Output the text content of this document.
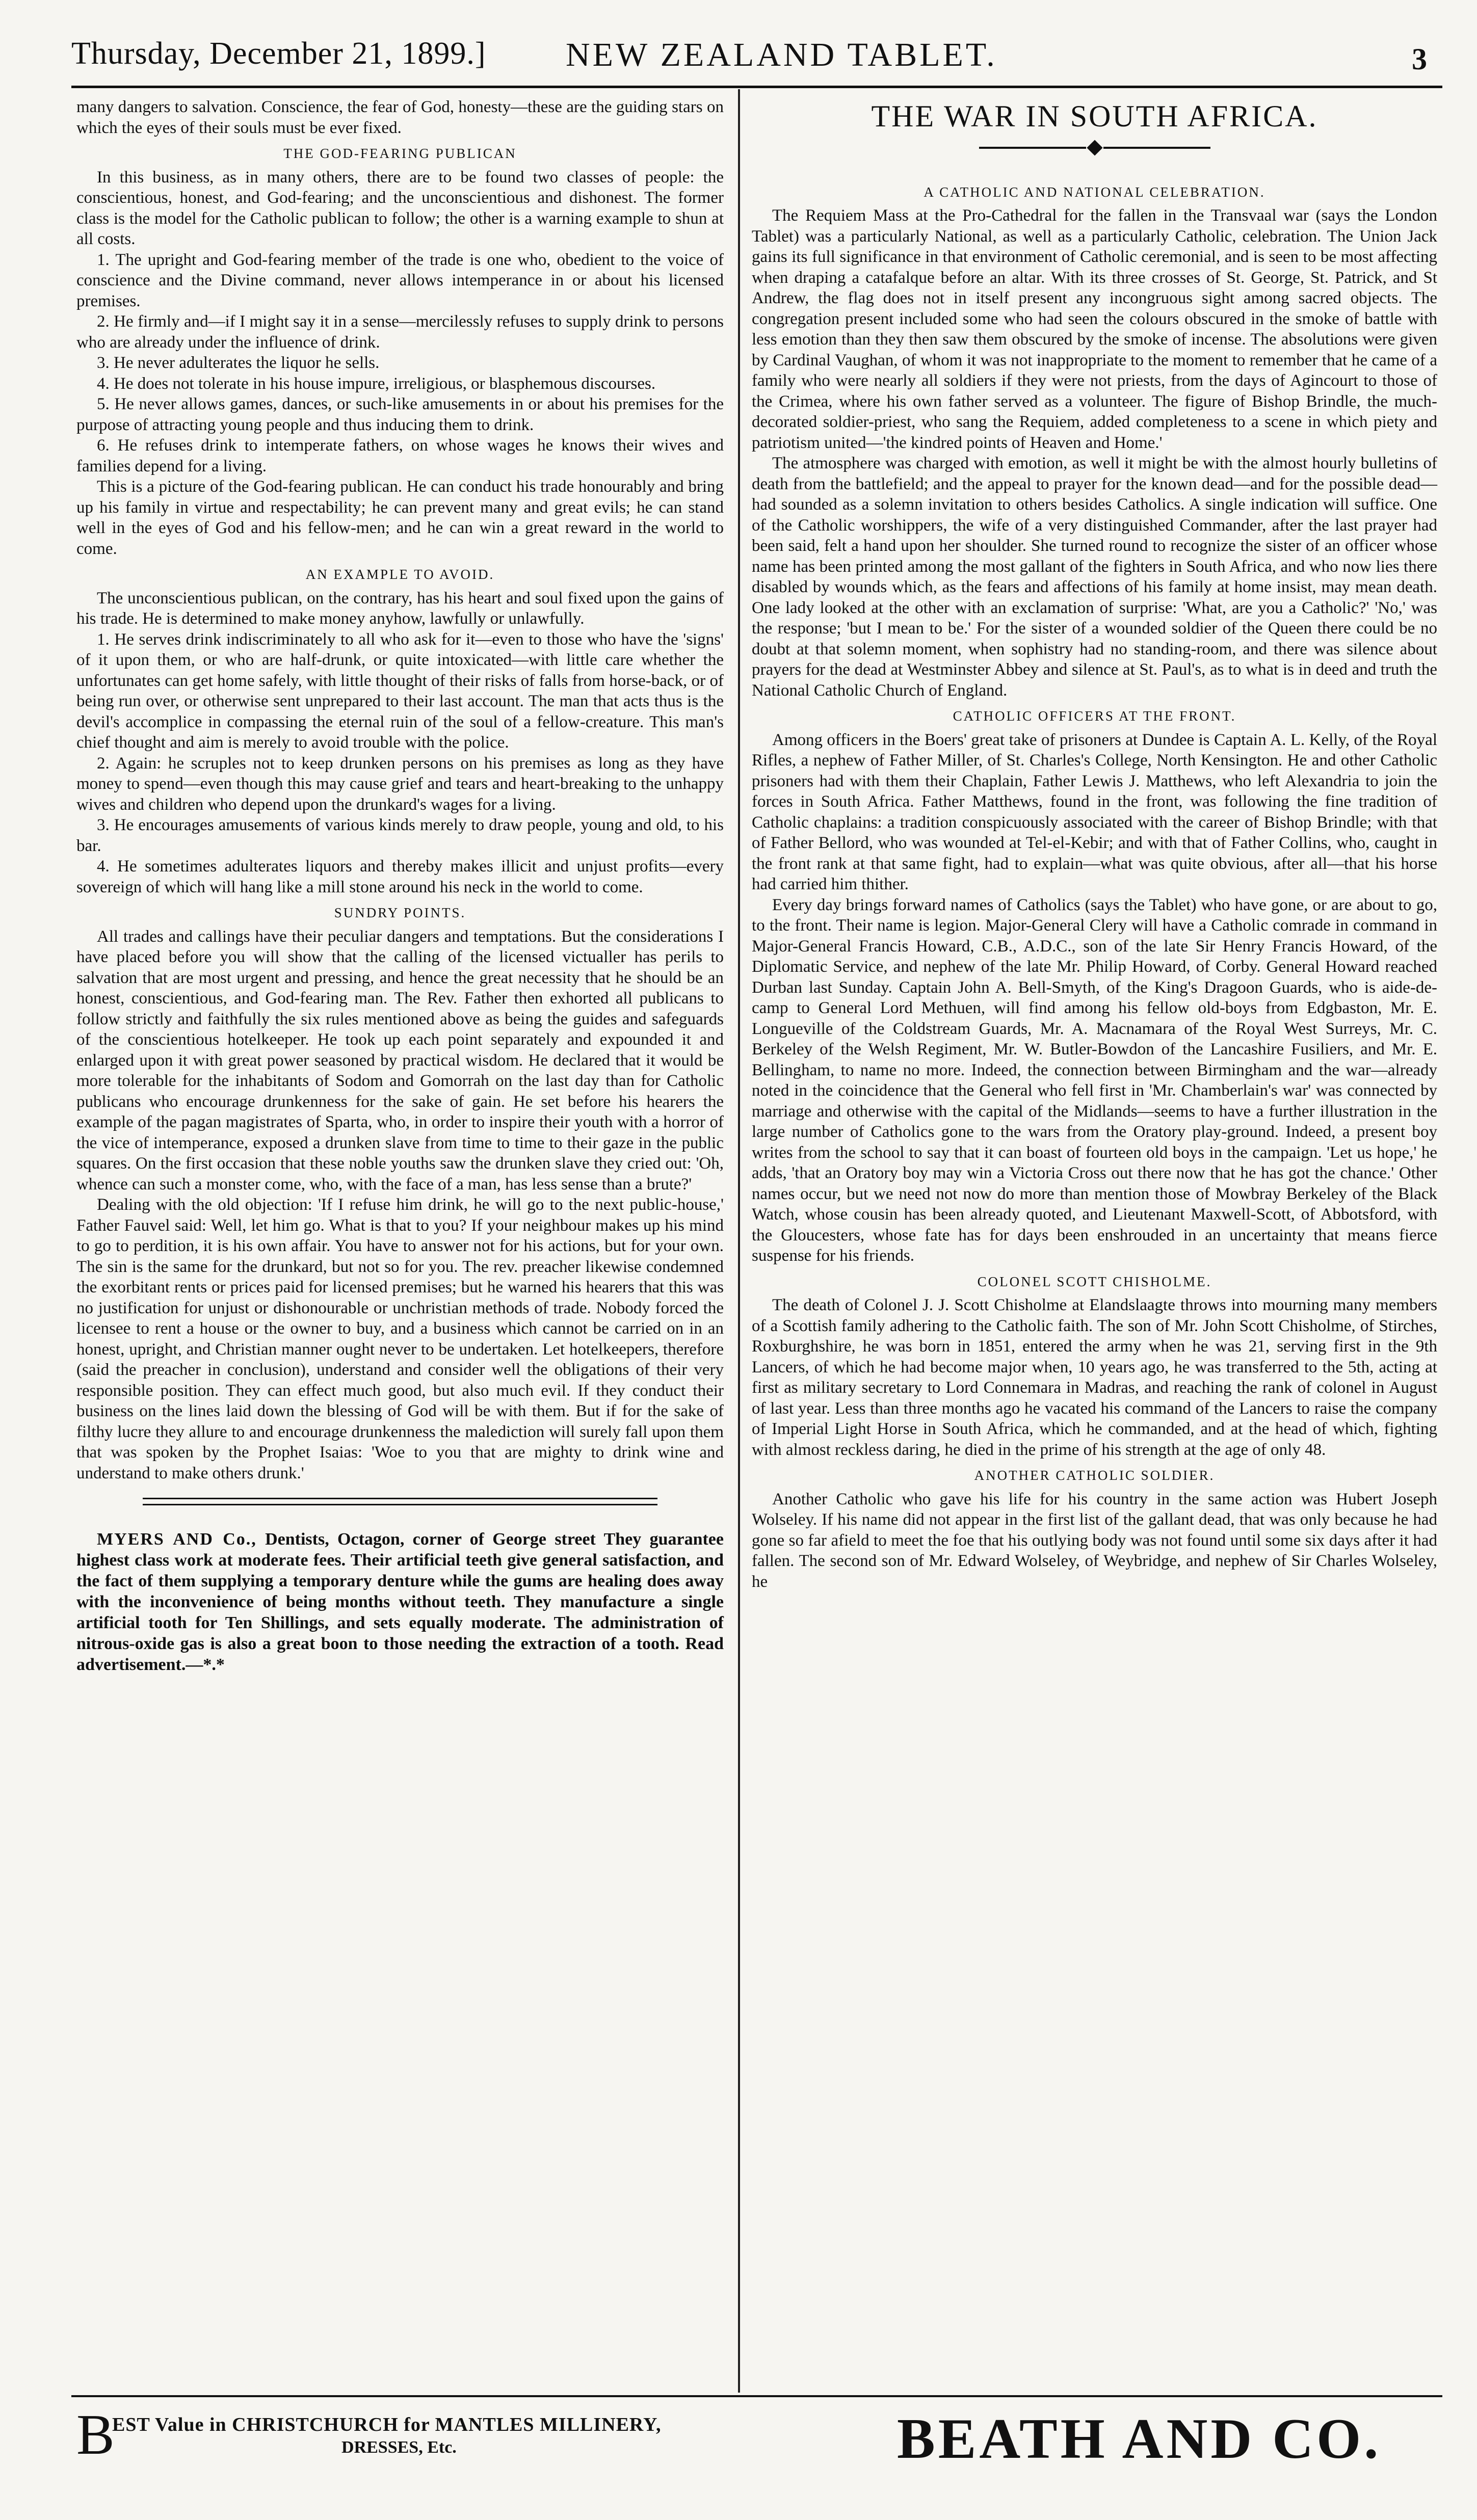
Thursday, December 21, 1899.] NEW ZEALAND TABLET.	3

many dangers to salvation. Conscience, the fear of God, honesty—these are the guiding stars on which the eyes of their souls must be ever fixed.

THE GOD-FEARING PUBLICAN

In this business, as in many others, there are to be found two classes of people: the conscientious, honest, and God-fearing; and the unconscientious and dishonest. The former class is the model for the Catholic publican to follow; the other is a warning example to shun at all costs.

1. The upright and God-fearing member of the trade is one who, obedient to the voice of conscience and the Divine command, never allows intemperance in or about his licensed premises.

2. He firmly and—if I might say it in a sense—mercilessly refuses to supply drink to persons who are already under the influence of drink.

3. He never adulterates the liquor he sells.

4. He does not tolerate in his house impure, irreligious, or blasphemous discourses.

5. He never allows games, dances, or such-like amusements in or about his premises for the purpose of attracting young people and thus inducing them to drink.

6. He refuses drink to intemperate fathers, on whose wages he knows their wives and families depend for a living.

This is a picture of the God-fearing publican. He can conduct his trade honourably and bring up his family in virtue and respectability; he can prevent many and great evils; he can stand well in the eyes of God and his fellow-men; and he can win a great reward in the world to come.

AN EXAMPLE TO AVOID.

The unconscientious publican, on the contrary, has his heart and soul fixed upon the gains of his trade. He is determined to make money anyhow, lawfully or unlawfully.

1. He serves drink indiscriminately to all who ask for it—even to those who have the 'signs' of it upon them, or who are half-drunk, or quite intoxicated—with little care whether the unfortunates can get home safely, with little thought of their risks of falls from horse-back, or of being run over, or otherwise sent unprepared to their last account. The man that acts thus is the devil's accomplice in compassing the eternal ruin of the soul of a fellow-creature. This man's chief thought and aim is merely to avoid trouble with the police.

2. Again: he scruples not to keep drunken persons on his premises as long as they have money to spend—even though this may cause grief and tears and heart-breaking to the unhappy wives and children who depend upon the drunkard's wages for a living.

3. He encourages amusements of various kinds merely to draw people, young and old, to his bar.

4. He sometimes adulterates liquors and thereby makes illicit and unjust profits—every sovereign of which will hang like a mill stone around his neck in the world to come.

SUNDRY POINTS.

All trades and callings have their peculiar dangers and temptations. But the considerations I have placed before you will show that the calling of the licensed victualler has perils to salvation that are most urgent and pressing, and hence the great necessity that he should be an honest, conscientious, and God-fearing man. The Rev. Father then exhorted all publicans to follow strictly and faithfully the six rules mentioned above as being the guides and safeguards of the conscientious hotelkeeper. He took up each point separately and expounded it and enlarged upon it with great power seasoned by practical wisdom. He declared that it would be more tolerable for the inhabitants of Sodom and Gomorrah on the last day than for Catholic publicans who encourage drunkenness for the sake of gain. He set before his hearers the example of the pagan magistrates of Sparta, who, in order to inspire their youth with a horror of the vice of intemperance, exposed a drunken slave from time to time to their gaze in the public squares. On the first occasion that these noble youths saw the drunken slave they cried out: 'Oh, whence can such a monster come, who, with the face of a man, has less sense than a brute?'

Dealing with the old objection: 'If I refuse him drink, he will go to the next public-house,' Father Fauvel said: Well, let him go. What is that to you? If your neighbour makes up his mind to go to perdition, it is his own affair. You have to answer not for his actions, but for your own. The sin is the same for the drunkard, but not so for you. The rev. preacher likewise condemned the exorbitant rents or prices paid for licensed premises; but he warned his hearers that this was no justification for unjust or dishonourable or unchristian methods of trade. Nobody forced the licensee to rent a house or the owner to buy, and a business which cannot be carried on in an honest, upright, and Christian manner ought never to be undertaken. Let hotelkeepers, therefore (said the preacher in conclusion), understand and consider well the obligations of their very responsible position. They can effect much good, but also much evil. If they conduct their business on the lines laid down the blessing of God will be with them. But if for the sake of filthy lucre they allure to and encourage drunkenness the malediction will surely fall upon them that was spoken by the Prophet Isaias: 'Woe to you that are mighty to drink wine and understand to make others drunk.'

MYERS AND Co., Dentists, Octagon, corner of George street They guarantee highest class work at moderate fees. Their artificial teeth give general satisfaction, and the fact of them supplying a temporary denture while the gums are healing does away with the inconvenience of being months without teeth. They manufacture a single artificial tooth for Ten Shillings, and sets equally moderate. The administration of nitrous-oxide gas is also a great boon to those needing the extraction of a tooth. Read advertisement.—*.*

THE WAR IN SOUTH AFRICA.
A CATHOLIC AND NATIONAL CELEBRATION.

The Requiem Mass at the Pro-Cathedral for the fallen in the Transvaal war (says the London Tablet) was a particularly National, as well as a particularly Catholic, celebration. The Union Jack gains its full significance in that environment of Catholic ceremonial, and is seen to be most affecting when draping a catafalque before an altar. With its three crosses of St. George, St. Patrick, and St Andrew, the flag does not in itself present any incongruous sight among sacred objects. The congregation present included some who had seen the colours obscured in the smoke of battle with less emotion than they then saw them obscured by the smoke of incense. The absolutions were given by Cardinal Vaughan, of whom it was not inappropriate to the moment to remember that he came of a family who were nearly all soldiers if they were not priests, from the days of Agincourt to those of the Crimea, where his own father served as a volunteer. The figure of Bishop Brindle, the much-decorated soldier-priest, who sang the Requiem, added completeness to a scene in which piety and patriotism united—'the kindred points of Heaven and Home.'

The atmosphere was charged with emotion, as well it might be with the almost hourly bulletins of death from the battlefield; and the appeal to prayer for the known dead—and for the possible dead—had sounded as a solemn invitation to others besides Catholics. A single indication will suffice. One of the Catholic worshippers, the wife of a very distinguished Commander, after the last prayer had been said, felt a hand upon her shoulder. She turned round to recognize the sister of an officer whose name has been printed among the most gallant of the fighters in South Africa, and who now lies there disabled by wounds which, as the fears and affections of his family at home insist, may mean death. One lady looked at the other with an exclamation of surprise: 'What, are you a Catholic?' 'No,' was the response; 'but I mean to be.' For the sister of a wounded soldier of the Queen there could be no doubt at that solemn moment, when sophistry had no standing-room, and there was silence about prayers for the dead at Westminster Abbey and silence at St. Paul's, as to what is in deed and truth the National Catholic Church of England.

CATHOLIC OFFICERS AT THE FRONT.

Among officers in the Boers' great take of prisoners at Dundee is Captain A. L. Kelly, of the Royal Rifles, a nephew of Father Miller, of St. Charles's College, North Kensington. He and other Catholic prisoners had with them their Chaplain, Father Lewis J. Matthews, who left Alexandria to join the forces in South Africa. Father Matthews, found in the front, was following the fine tradition of Catholic chaplains: a tradition conspicuously associated with the career of Bishop Brindle; with that of Father Bellord, who was wounded at Tel-el-Kebir; and with that of Father Collins, who, caught in the front rank at that same fight, had to explain—what was quite obvious, after all—that his horse had carried him thither.

Every day brings forward names of Catholics (says the Tablet) who have gone, or are about to go, to the front. Their name is legion. Major-General Clery will have a Catholic comrade in command in Major-General Francis Howard, C.B., A.D.C., son of the late Sir Henry Francis Howard, of the Diplomatic Service, and nephew of the late Mr. Philip Howard, of Corby. General Howard reached Durban last Sunday. Captain John A. Bell-Smyth, of the King's Dragoon Guards, who is aide-de-camp to General Lord Methuen, will find among his fellow old-boys from Edgbaston, Mr. E. Longueville of the Coldstream Guards, Mr. A. Macnamara of the Royal West Surreys, Mr. C. Berkeley of the Welsh Regiment, Mr. W. Butler-Bowdon of the Lancashire Fusiliers, and Mr. E. Bellingham, to name no more. Indeed, the connection between Birmingham and the war—already noted in the coincidence that the General who fell first in 'Mr. Chamberlain's war' was connected by marriage and otherwise with the capital of the Midlands—seems to have a further illustration in the large number of Catholics gone to the wars from the Oratory play-ground. Indeed, a present boy writes from the school to say that it can boast of fourteen old boys in the campaign. 'Let us hope,' he adds, 'that an Oratory boy may win a Victoria Cross out there now that he has got the chance.' Other names occur, but we need not now do more than mention those of Mowbray Berkeley of the Black Watch, whose cousin has been already quoted, and Lieutenant Maxwell-Scott, of Abbotsford, with the Gloucesters, whose fate has for days been enshrouded in an uncertainty that means fierce suspense for his friends.

COLONEL SCOTT CHISHOLME.

The death of Colonel J. J. Scott Chisholme at Elandslaagte throws into mourning many members of a Scottish family adhering to the Catholic faith. The son of Mr. John Scott Chisholme, of Stirches, Roxburghshire, he was born in 1851, entered the army when he was 21, serving first in the 9th Lancers, of which he had become major when, 10 years ago, he was transferred to the 5th, acting at first as military secretary to Lord Connemara in Madras, and reaching the rank of colonel in August of last year. Less than three months ago he vacated his command of the Lancers to raise the company of Imperial Light Horse in South Africa, which he commanded, and at the head of which, fighting with almost reckless daring, he died in the prime of his strength at the age of only 48.

ANOTHER CATHOLIC SOLDIER.

Another Catholic who gave his life for his country in the same action was Hubert Joseph Wolseley. If his name did not appear in the first list of the gallant dead, that was only because he had gone so far afield to meet the foe that his outlying body was not found until some six days after it had fallen. The second son of Mr. Edward Wolseley, of Weybridge, and nephew of Sir Charles Wolseley, he

B
EST Value in CHRISTCHURCH for MANTLES MILLINERY,
DRESSES, Etc.	BEATH AND CO.
